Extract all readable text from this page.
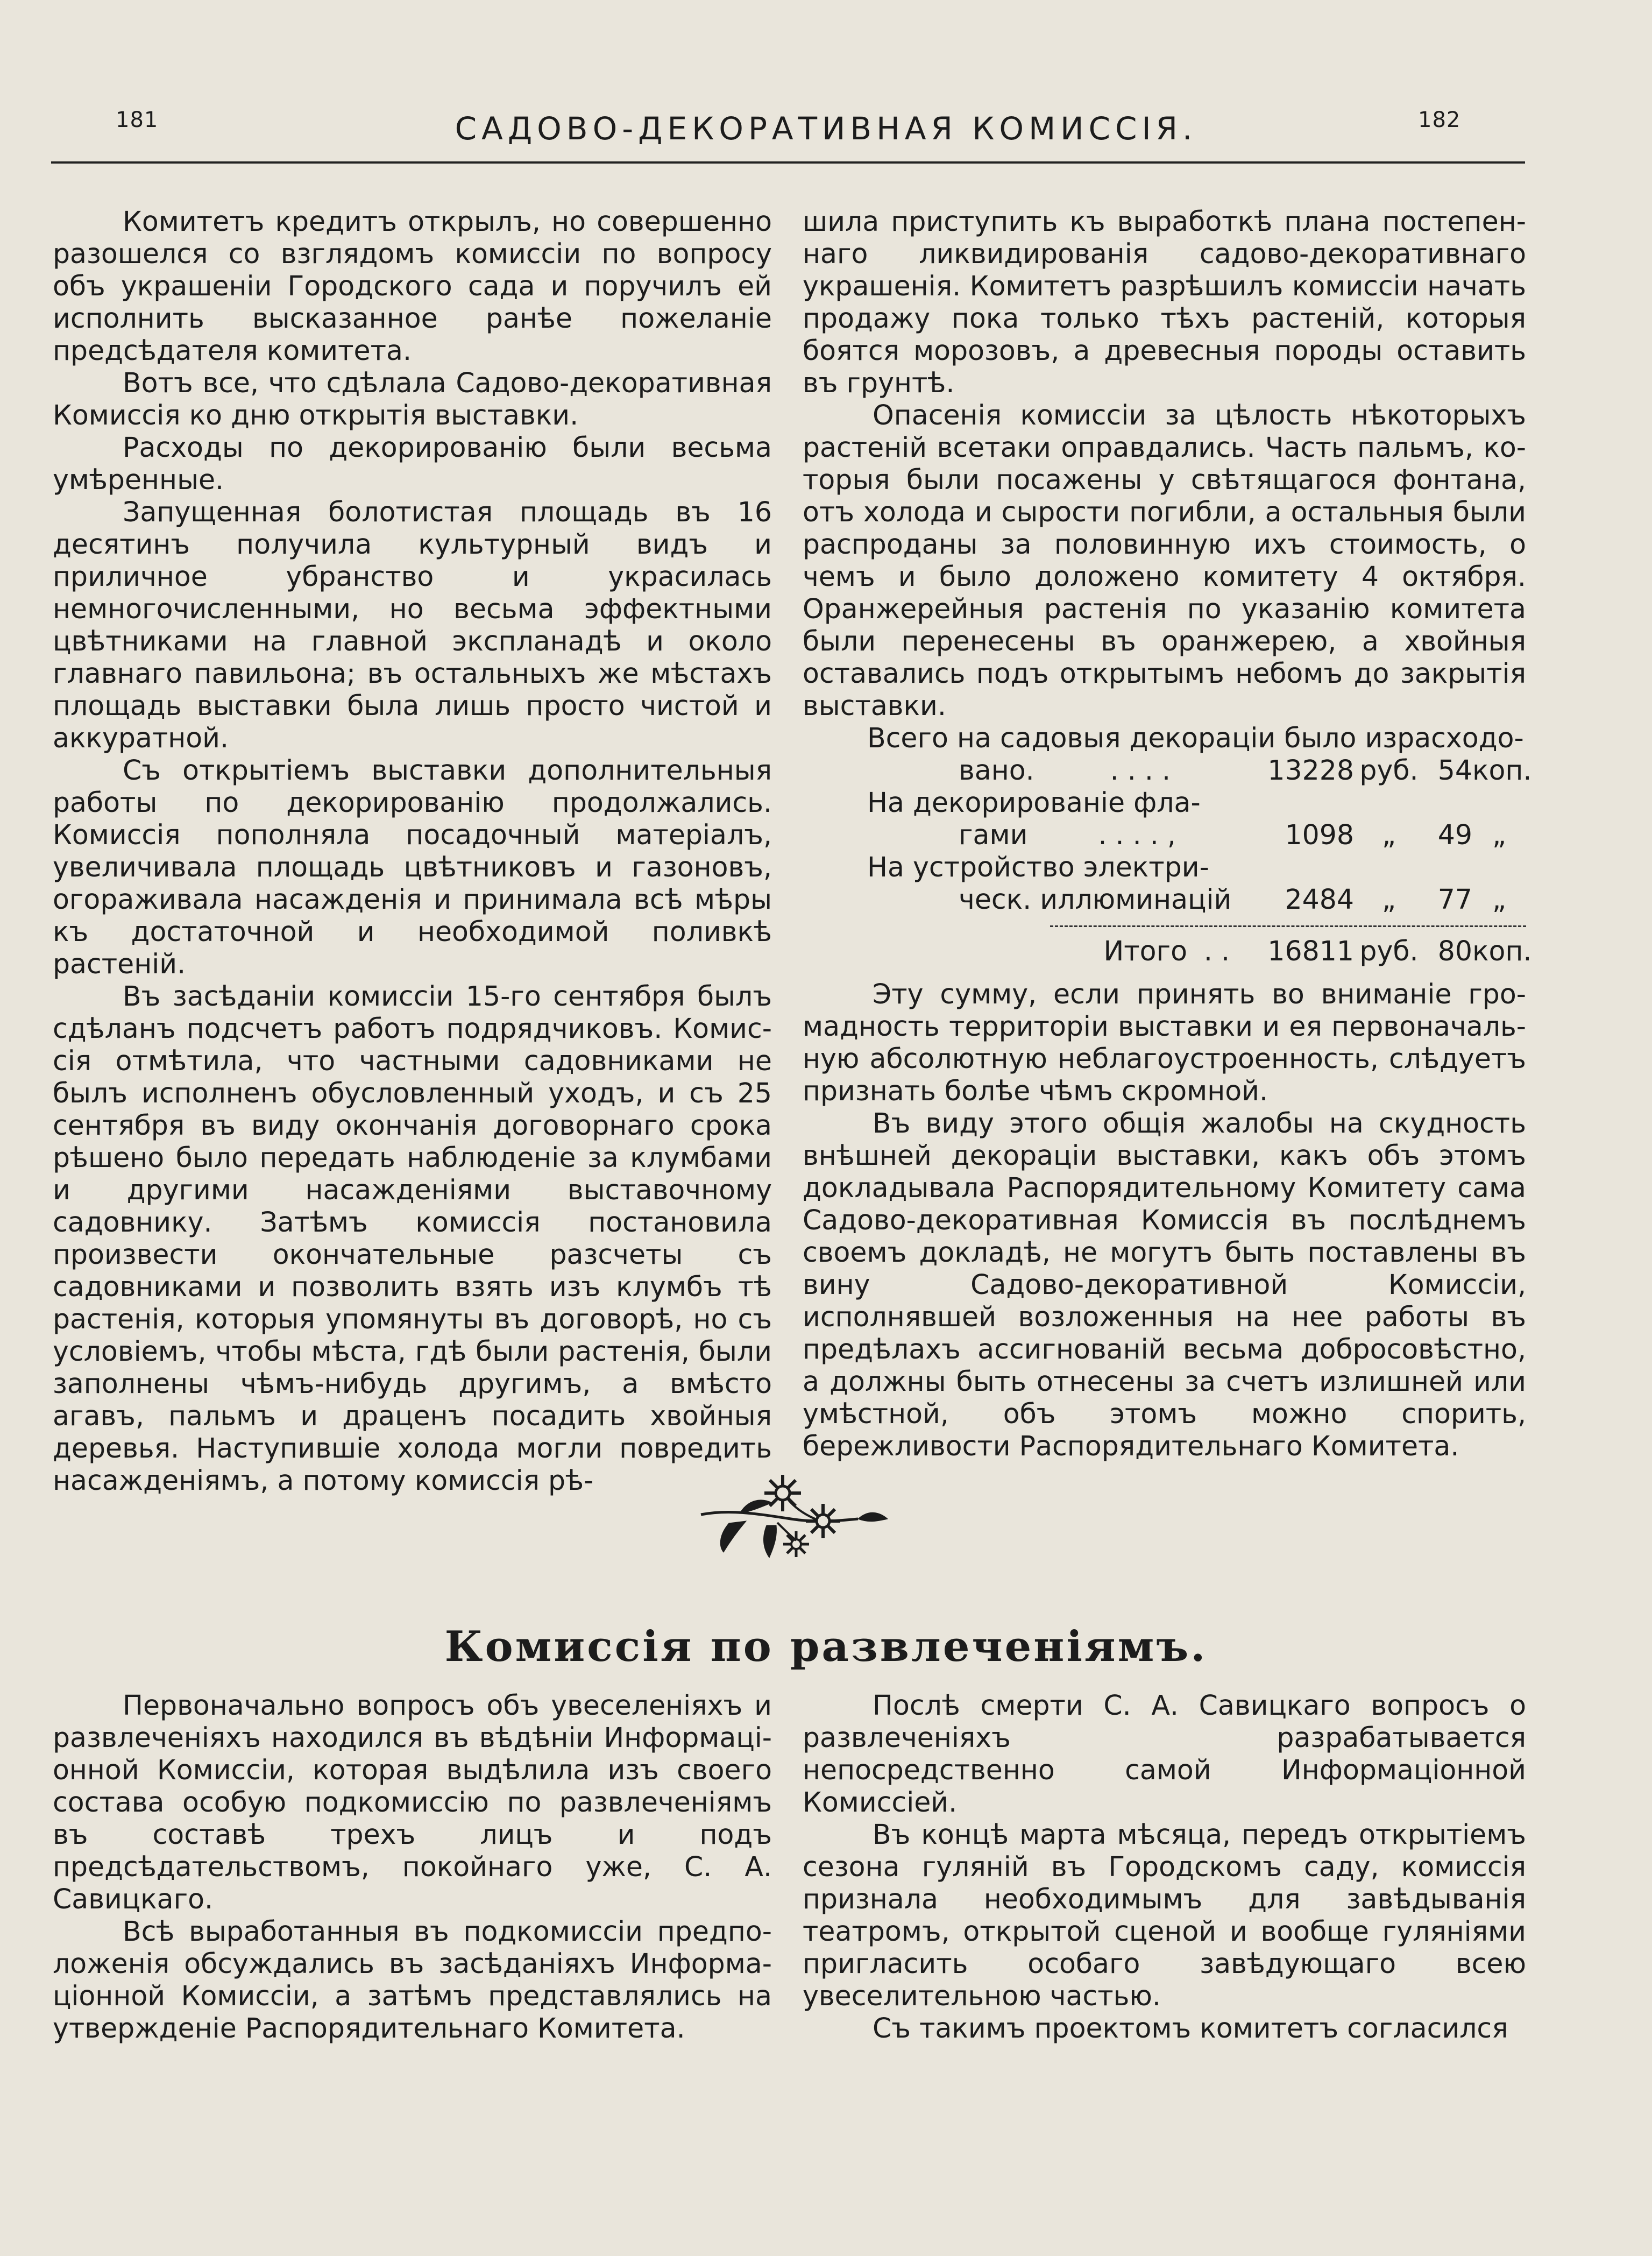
181	САДОВО-ДЕКОРАТИВНАЯ КОМИССІЯ.	182

Комитетъ кредитъ открылъ, но совершенно разошелся со взглядомъ комиссіи по вопросу объ украшеніи Городского сада и поручилъ ей исполнить высказанное ранѣе пожеланіе предсѣдателя комитета.

Вотъ все, что сдѣлала Садово-декоративная Комиссія ко дню открытія выставки.

Расходы по декорированію были весьма умѣренные.

Запущенная болотистая площадь въ 16 десятинъ получила культурный видъ и приличное убранство и украсилась немногочисленными, но весьма эффектными цвѣтниками на главной экспланадѣ и около главнаго павильона; въ остальныхъ же мѣстахъ площадь выставки была лишь просто чистой и аккуратной.

Съ открытіемъ выставки дополнительныя работы по декорированію продолжались. Комиссія пополняла посадочный матеріалъ, увеличивала площадь цвѣтниковъ и газоновъ, огораживала насажденія и принимала всѣ мѣры къ достаточной и необходимой поливкѣ растеній.

Въ засѣданіи комиссіи 15-го сентября былъ сдѣланъ подсчетъ работъ подрядчиковъ. Комиссія отмѣтила, что частными садовниками не былъ исполненъ обусловленный уходъ, и съ 25 сентября въ виду окончанія договорнаго срока рѣшено было передать наблюденіе за клумбами и другими насажденіями выставочному садовнику. Затѣмъ комиссія постановила произвести окончательные разсчеты съ садовниками и позволить взять изъ клумбъ тѣ растенія, которыя упомянуты въ договорѣ, но съ условіемъ, чтобы мѣста, гдѣ были растенія, были заполнены чѣмъ-нибудь другимъ, а вмѣсто агавъ, пальмъ и драценъ посадить хвойныя деревья. Наступившіе холода могли повредить насажденіямъ, а потому комиссія рѣ-

шила приступить къ выработкѣ плана постепеннаго ликвидированія садово-декоративнаго украшенія. Комитетъ разрѣшилъ комиссіи начать продажу пока только тѣхъ растеній, которыя боятся морозовъ, а древесныя породы оставить въ грунтѣ.

Опасенія комиссіи за цѣлость нѣкоторыхъ растеній всетаки оправдались. Часть пальмъ, которыя были посажены у свѣтящагося фонтана, отъ холода и сырости погибли, а остальныя были распроданы за половинную ихъ стоимость, о чемъ и было доложено комитету 4 октября. Оранжерейныя растенія по указанію комитета были перенесены въ оранжерею, а хвойныя оставались подъ открытымъ небомъ до закрытія выставки.

Всего на садовыя декораціи было израсходо-
вано.	. . . .	13228 руб. 54 коп.
На декорированіе фла-
гами	. . . . ,	1098	„	49 „
На устройство электри-
ческ. иллюминацій	2484	„	77 „
Итого . .	16811 руб. 80 коп.

Эту сумму, если принять во вниманіе громадность территоріи выставки и ея первоначальную абсолютную неблагоустроенность, слѣдуетъ признать болѣе чѣмъ скромной.

Въ виду этого общія жалобы на скудность внѣшней декораціи выставки, какъ объ этомъ докладывала Распорядительному Комитету сама Садово-декоративная Комиссія въ послѣднемъ своемъ докладѣ, не могутъ быть поставлены въ вину Садово-декоративной Комиссіи, исполнявшей возложенныя на нее работы въ предѣлахъ ассигнованій весьма добросовѣстно, а должны быть отнесены за счетъ излишней или умѣстной, объ этомъ можно спорить, бережливости Распорядительнаго Комитета.

Комиссія по развлеченіямъ.

Первоначально вопросъ объ увеселеніяхъ и развлеченіяхъ находился въ вѣдѣніи Информаціонной Комиссіи, которая выдѣлила изъ своего состава особую подкомиссію по развлеченіямъ въ составѣ трехъ лицъ и подъ предсѣдательствомъ, покойнаго уже, С. А. Савицкаго.

Всѣ выработанныя въ подкомиссіи предположенія обсуждались въ засѣданіяхъ Информаціонной Комиссіи, а затѣмъ представлялись на утвержденіе Распорядительнаго Комитета.

Послѣ смерти С. А. Савицкаго вопросъ о развлеченіяхъ разрабатывается непосредственно самой Информаціонной Комиссіей.

Въ концѣ марта мѣсяца, передъ открытіемъ сезона гуляній въ Городскомъ саду, комиссія признала необходимымъ для завѣдыванія театромъ, открытой сценой и вообще гуляніями пригласить особаго завѣдующаго всею увеселительною частью.

Съ такимъ проектомъ комитетъ согласился
